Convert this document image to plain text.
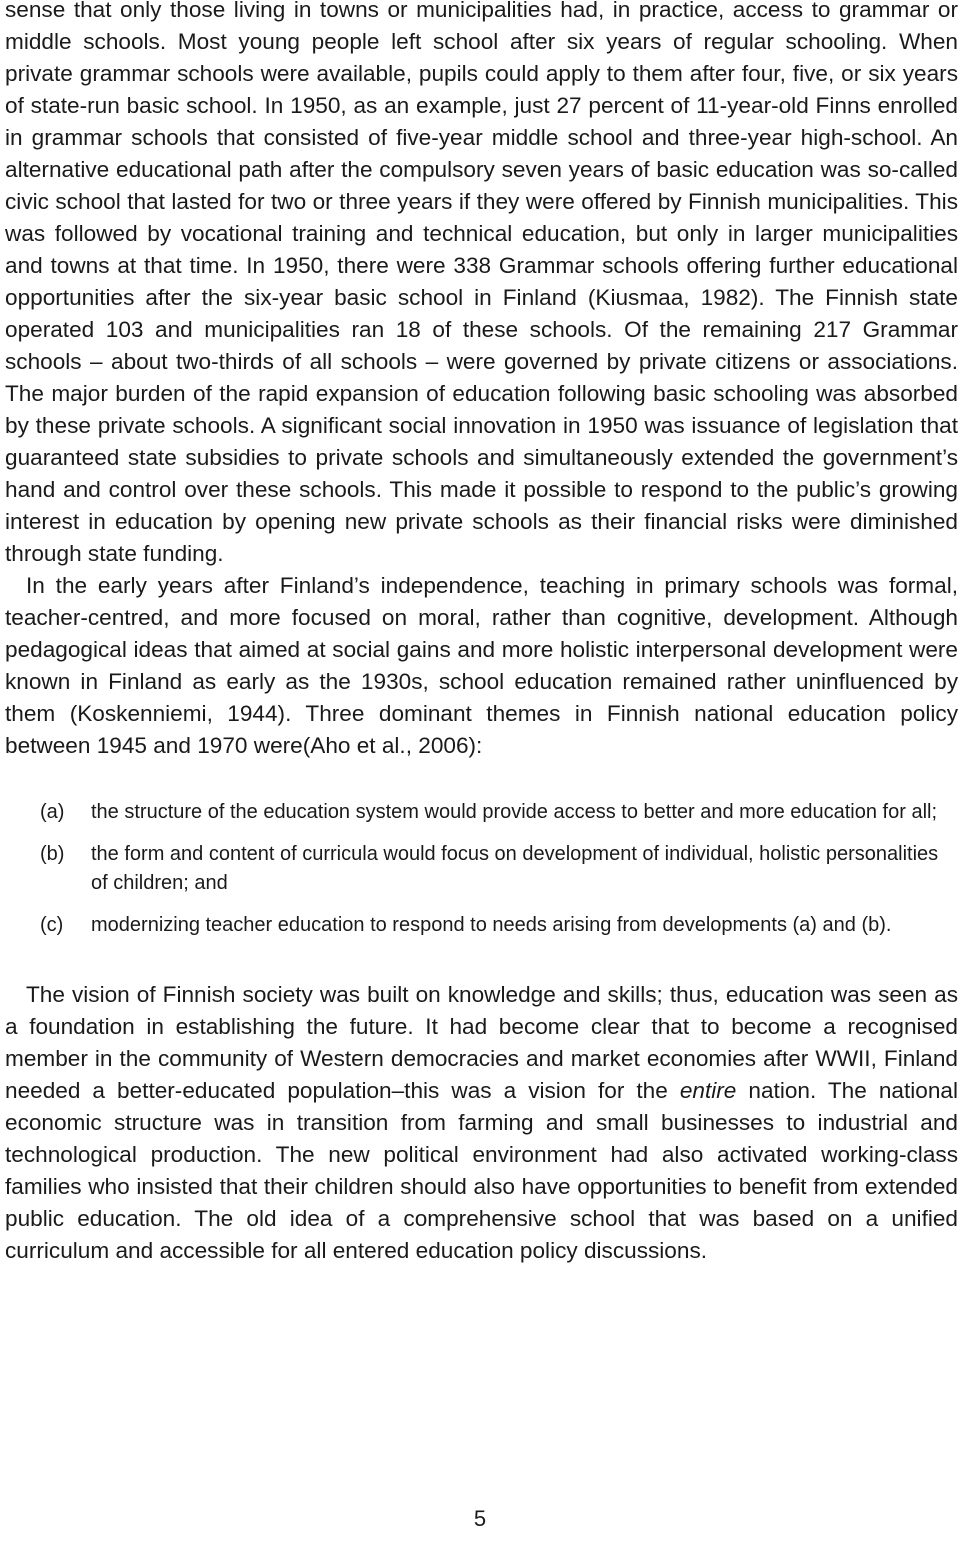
sense that only those living in towns or municipalities had, in practice, access to grammar or middle schools. Most young people left school after six years of regular schooling. When private grammar schools were available, pupils could apply to them after four, five, or six years of state-run basic school. In 1950, as an example, just 27 percent of 11-year-old Finns enrolled in grammar schools that consisted of five-year middle school and three-year high-school. An alternative educational path after the compulsory seven years of basic education was so-called civic school that lasted for two or three years if they were offered by Finnish municipalities. This was followed by vocational training and technical education, but only in larger municipalities and towns at that time. In 1950, there were 338 Grammar schools offering further educational opportunities after the six-year basic school in Finland (Kiusmaa, 1982). The Finnish state operated 103 and municipalities ran 18 of these schools. Of the remaining 217 Grammar schools – about two-thirds of all schools – were governed by private citizens or associations. The major burden of the rapid expansion of education following basic schooling was absorbed by these private schools. A significant social innovation in 1950 was issuance of legislation that guaranteed state subsidies to private schools and simultaneously extended the government’s hand and control over these schools. This made it possible to respond to the public’s growing interest in education by opening new private schools as their financial risks were diminished through state funding.

In the early years after Finland’s independence, teaching in primary schools was formal, teacher-centred, and more focused on moral, rather than cognitive, development. Although pedagogical ideas that aimed at social gains and more holistic interpersonal development were known in Finland as early as the 1930s, school education remained rather uninfluenced by them (Koskenniemi, 1944). Three dominant themes in Finnish national education policy between 1945 and 1970 were(Aho et al., 2006):

(a)	the structure of the education system would provide access to better and more education for all;
(b)	the form and content of curricula would focus on development of individual, holistic personalities of children; and
(c)	modernizing teacher education to respond to needs arising from developments (a) and (b).

The vision of Finnish society was built on knowledge and skills; thus, education was seen as a foundation in establishing the future. It had become clear that to become a recognised member in the community of Western democracies and market economies after WWII, Finland needed a better-educated population–this was a vision for the entire nation. The national economic structure was in transition from farming and small businesses to industrial and technological production. The new political environment had also activated working-class families who insisted that their children should also have opportunities to benefit from extended public education. The old idea of a comprehensive school that was based on a unified curriculum and accessible for all entered education policy discussions.

5
